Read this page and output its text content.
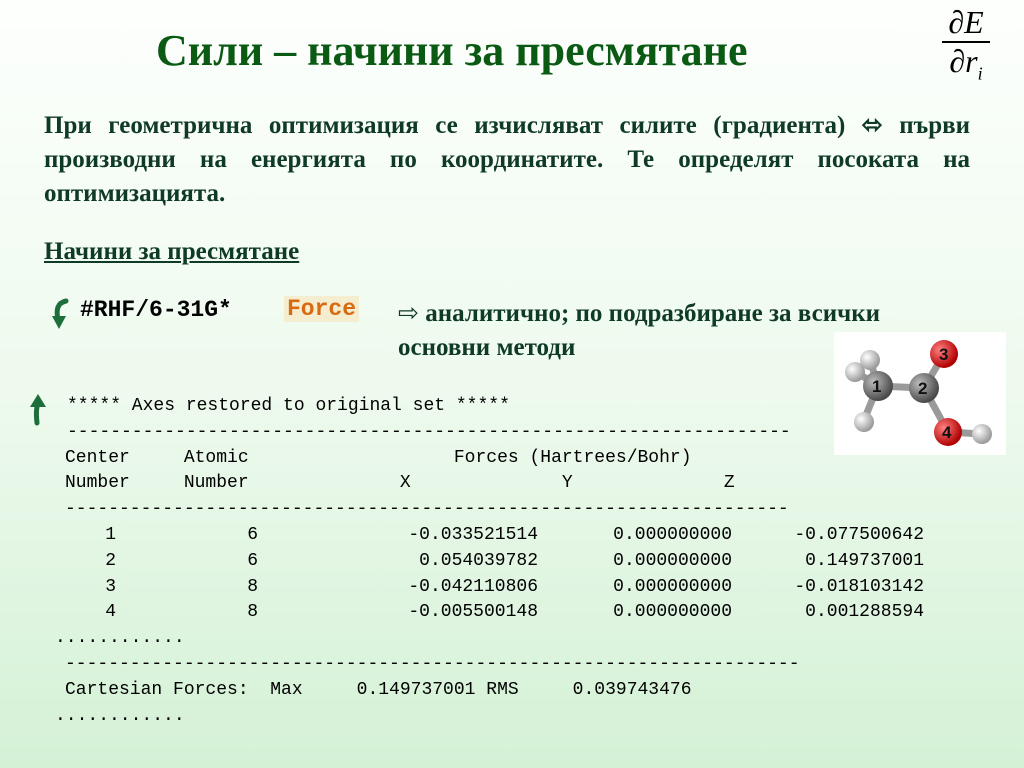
Сили – начини за пресмятане
∂E
$\partial r_i$

При геометрична оптимизация се изчисляват силите (градиента) ⬄ първи производни на енергията по координатите. Те определят посоката на оптимизацията.

Начини за пресмятане
#RHF/6-31G* Force ⇨ аналитично; по подразбиране за всички основни методи

1 2
3
4
***** Axes restored to original set *****
-------------------------------------------------------------------
Center     Atomic                   Forces (Hartrees/Bohr)
Number     Number              X              Y              Z
-------------------------------------------------------------------
1	6	-0.033521514	0.000000000	-0.077500642
2	6	0.054039782	0.000000000	0.149737001
3	8	-0.042110806	0.000000000	-0.018103142
4	8	-0.005500148	0.000000000	0.001288594
............
--------------------------------------------------------------------
Cartesian Forces:  Max     0.149737001 RMS     0.039743476
............
